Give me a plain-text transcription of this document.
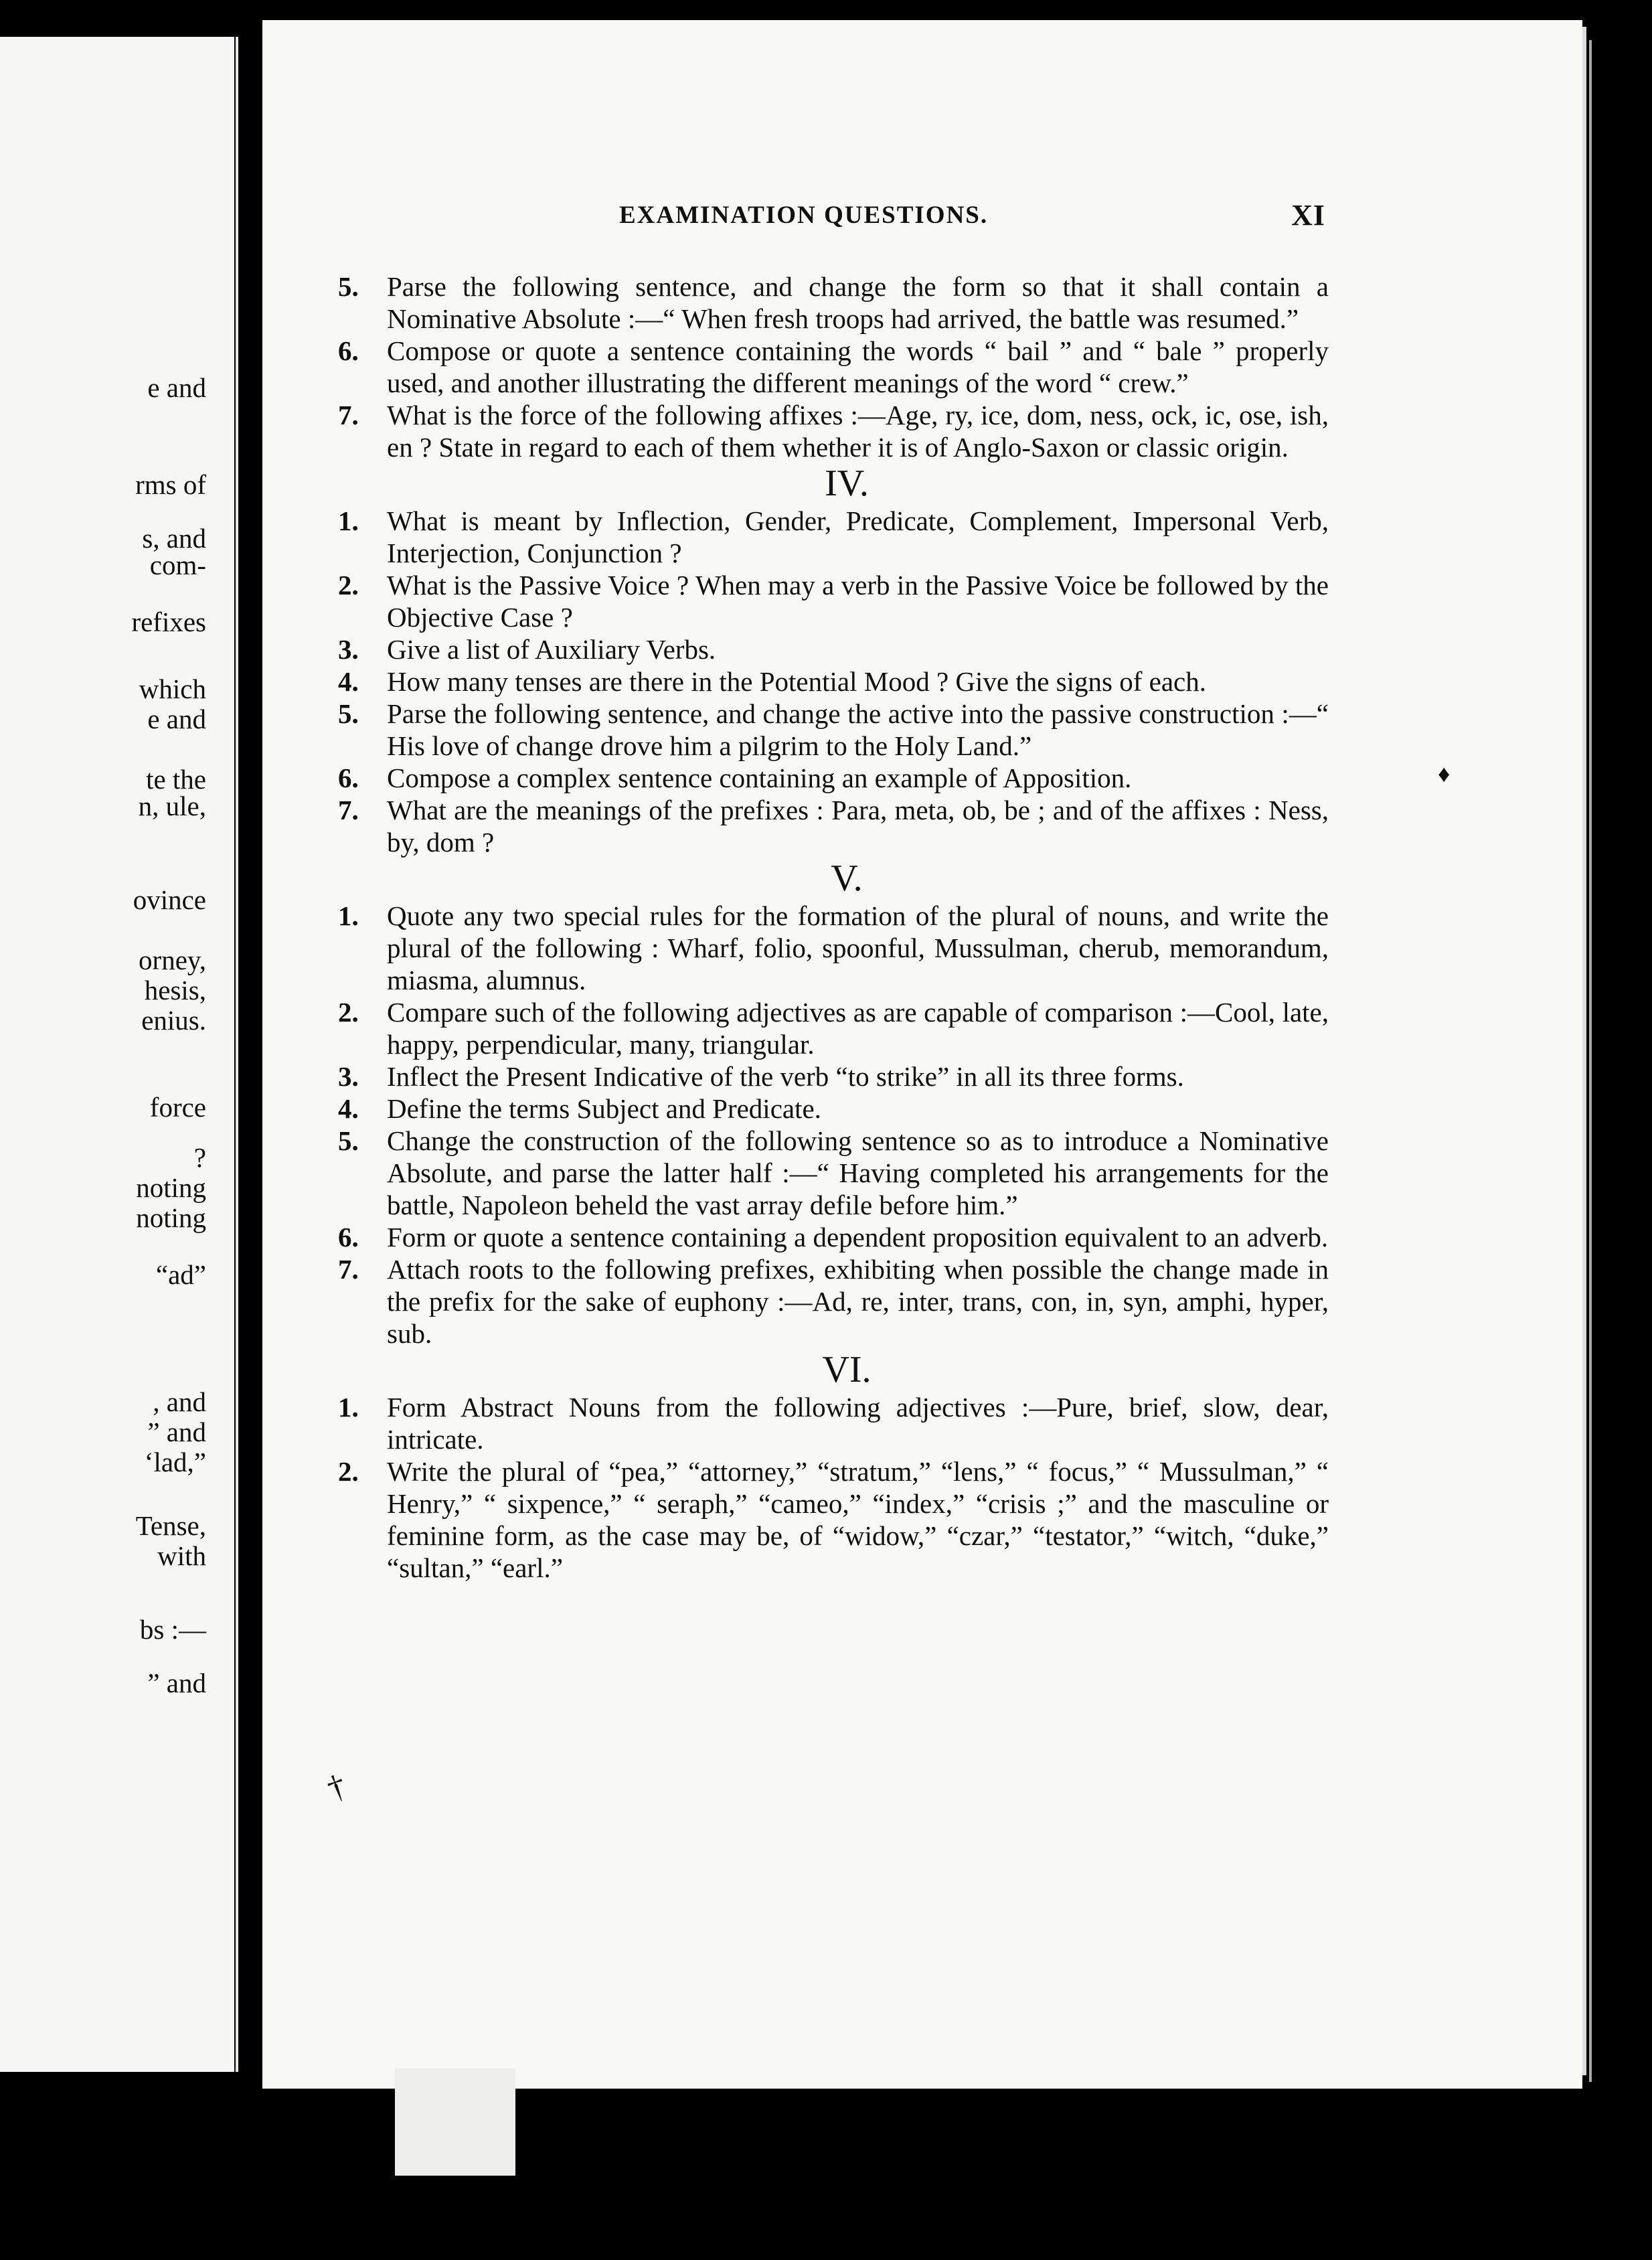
e and
rms of
s, and
com-
refixes
which
e and
te the
n, ule,
ovince
orney,
hesis,
enius.
force
?
noting
noting
“ad”
, and
” and
‘lad,”
Tense,
with
bs :—
” and
EXAMINATION QUESTIONS.	XI
5. Parse the following sentence, and change the form so that it shall contain a Nominative Absolute :—“ When fresh troops had arrived, the battle was resumed.”
6. Compose or quote a sentence containing the words “ bail ” and “ bale ” properly used, and another illustrating the different meanings of the word “ crew.”
7. What is the force of the following affixes :—Age, ry, ice, dom, ness, ock, ic, ose, ish, en ? State in regard to each of them whether it is of Anglo-Saxon or classic origin.
IV.
1. What is meant by Inflection, Gender, Predicate, Complement, Impersonal Verb, Interjection, Conjunction ?
2. What is the Passive Voice ? When may a verb in the Passive Voice be followed by the Objective Case ?
3. Give a list of Auxiliary Verbs.
4. How many tenses are there in the Potential Mood ? Give the signs of each.
5. Parse the following sentence, and change the active into the passive construction :—“ His love of change drove him a pilgrim to the Holy Land.”
6. Compose a complex sentence containing an example of Apposition.
7. What are the meanings of the prefixes : Para, meta, ob, be ; and of the affixes : Ness, by, dom ?
V.
1. Quote any two special rules for the formation of the plural of nouns, and write the plural of the following : Wharf, folio, spoonful, Mussulman, cherub, memorandum, miasma, alumnus.
2. Compare such of the following adjectives as are capable of comparison :—Cool, late, happy, perpendicular, many, triangular.
3. Inflect the Present Indicative of the verb “to strike” in all its three forms.
4. Define the terms Subject and Predicate.
5. Change the construction of the following sentence so as to introduce a Nominative Absolute, and parse the latter half :—“ Having completed his arrangements for the battle, Napoleon beheld the vast array defile before him.”
6. Form or quote a sentence containing a dependent proposition equivalent to an adverb.
7. Attach roots to the following prefixes, exhibiting when possible the change made in the prefix for the sake of euphony :—Ad, re, inter, trans, con, in, syn, amphi, hyper, sub.
VI.
1. Form Abstract Nouns from the following adjectives :—Pure, brief, slow, dear, intricate.
2. Write the plural of “pea,” “attorney,” “stratum,” “lens,” “ focus,” “ Mussulman,” “ Henry,” “ sixpence,” “ seraph,” “cameo,” “index,” “crisis ;” and the masculine or feminine form, as the case may be, of “widow,” “czar,” “testator,” “witch, “duke,” “sultan,” “earl.”
†
♦
